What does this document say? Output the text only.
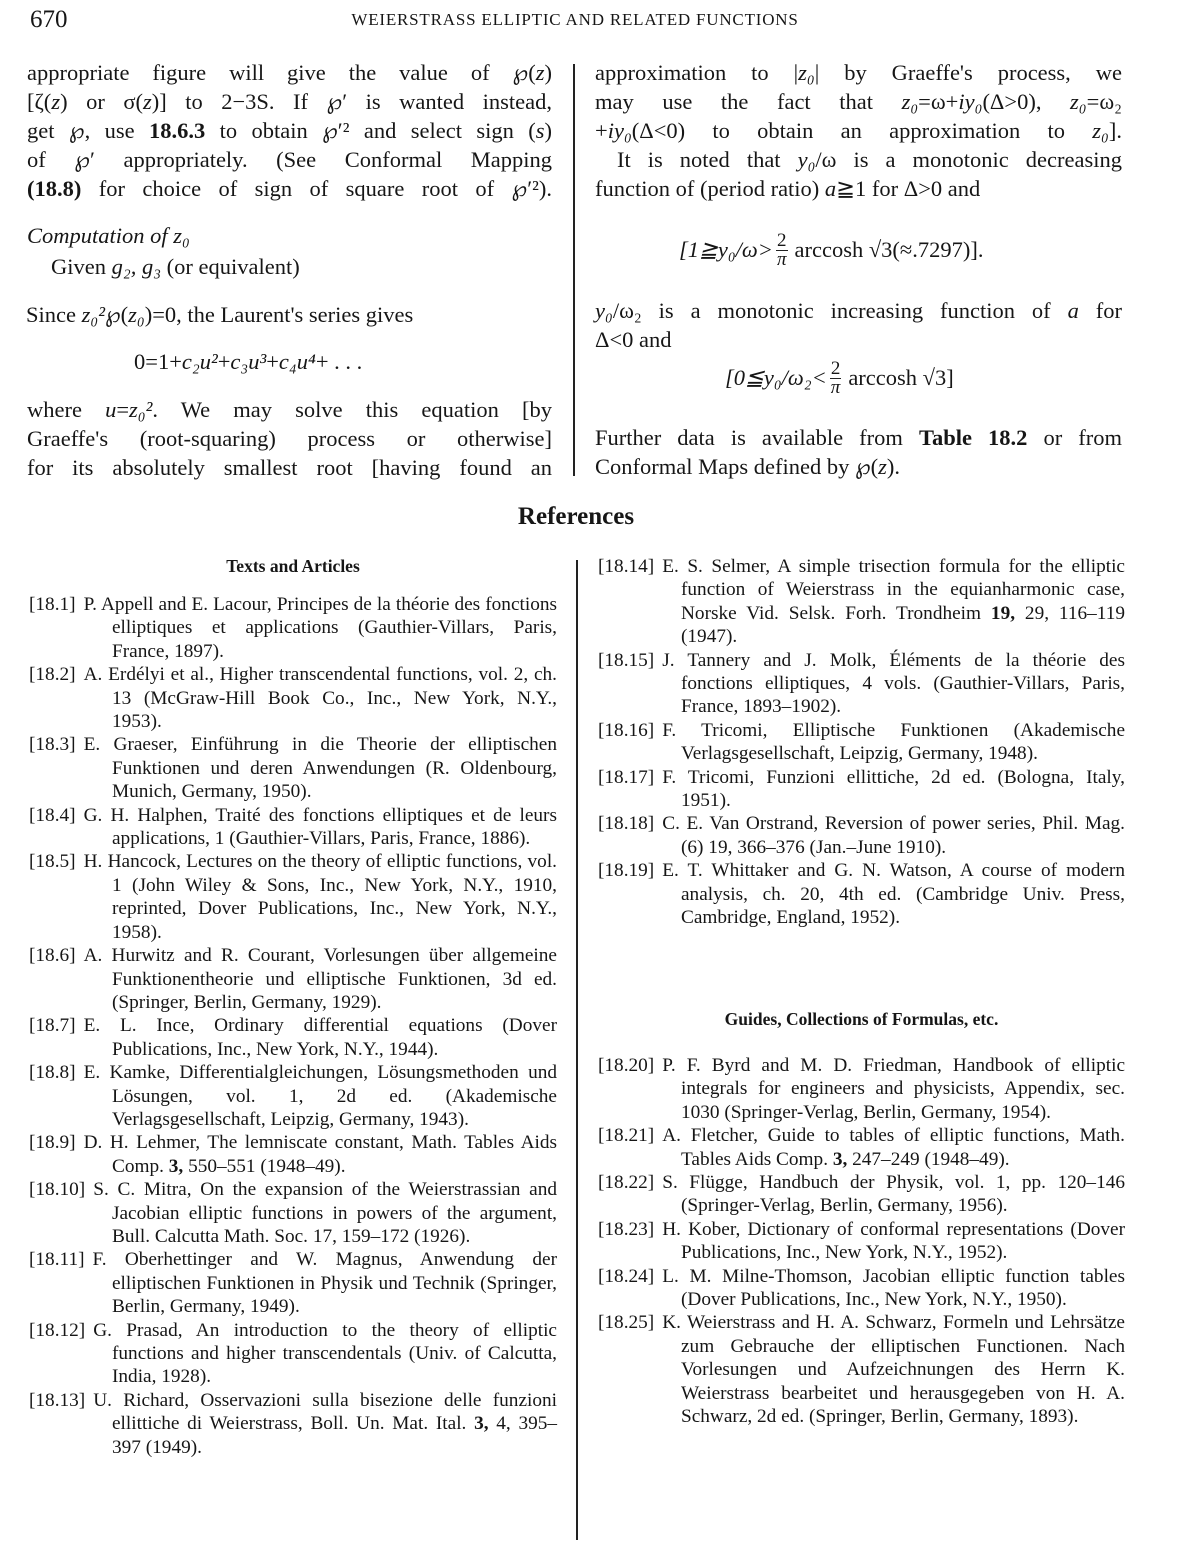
670	WEIERSTRASS ELLIPTIC AND RELATED FUNCTIONS
appropriate figure will give the value of ℘(z)
[ζ(z) or σ(z)] to 2−3S. If ℘′ is wanted instead,
get ℘, use 18.6.3 to obtain ℘′² and select sign (s)
of ℘′ appropriately. (See Conformal Mapping
(18.8) for choice of sign of square root of ℘′²).
Computation of z₀
Given g₂, g₃ (or equivalent)
Since z₀²℘(z₀)=0, the Laurent's series gives
0=1+c₂u²+c₃u³+c₄u⁴+ . . .
where u=z₀². We may solve this equation [by
Graeffe's (root-squaring) process or otherwise]
for its absolutely smallest root [having found an
approximation to |z₀| by Graeffe's process, we
may use the fact that z₀=ω+iy₀(Δ>0), z₀=ω₂
+iy₀(Δ<0) to obtain an approximation to z₀].
It is noted that y₀/ω is a monotonic decreasing
function of (period ratio) a≧1 for Δ>0 and
[1≧y₀/ω> $\frac{2}{\pi}$ arccosh √3(≈.7297)].
y₀/ω₂ is a monotonic increasing function of a for
Δ<0 and
[0≦y₀/ω₂< $\frac{2}{\pi}$ arccosh √3]
Further data is available from Table 18.2 or from
Conformal Maps defined by ℘(z).
References
Texts and Articles
[18.1] P. Appell and E. Lacour, Principes de la théorie des fonctions elliptiques et applications (Gauthier-Villars, Paris, France, 1897).
[18.2] A. Erdélyi et al., Higher transcendental functions, vol. 2, ch. 13 (McGraw-Hill Book Co., Inc., New York, N.Y., 1953).
[18.3] E. Graeser, Einführung in die Theorie der elliptischen Funktionen und deren Anwendungen (R. Oldenbourg, Munich, Germany, 1950).
[18.4] G. H. Halphen, Traité des fonctions elliptiques et de leurs applications, 1 (Gauthier-Villars, Paris, France, 1886).
[18.5] H. Hancock, Lectures on the theory of elliptic functions, vol. 1 (John Wiley & Sons, Inc., New York, N.Y., 1910, reprinted, Dover Publications, Inc., New York, N.Y., 1958).
[18.6] A. Hurwitz and R. Courant, Vorlesungen über allgemeine Funktionentheorie und elliptische Funktionen, 3d ed. (Springer, Berlin, Germany, 1929).
[18.7] E. L. Ince, Ordinary differential equations (Dover Publications, Inc., New York, N.Y., 1944).
[18.8] E. Kamke, Differentialgleichungen, Lösungsmethoden und Lösungen, vol. 1, 2d ed. (Akademische Verlagsgesellschaft, Leipzig, Germany, 1943).
[18.9] D. H. Lehmer, The lemniscate constant, Math. Tables Aids Comp. 3, 550–551 (1948–49).
[18.10] S. C. Mitra, On the expansion of the Weierstrassian and Jacobian elliptic functions in powers of the argument, Bull. Calcutta Math. Soc. 17, 159–172 (1926).
[18.11] F. Oberhettinger and W. Magnus, Anwendung der elliptischen Funktionen in Physik und Technik (Springer, Berlin, Germany, 1949).
[18.12] G. Prasad, An introduction to the theory of elliptic functions and higher transcendentals (Univ. of Calcutta, India, 1928).
[18.13] U. Richard, Osservazioni sulla bisezione delle funzioni ellittiche di Weierstrass, Boll. Un. Mat. Ital. 3, 4, 395–397 (1949).
[18.14] E. S. Selmer, A simple trisection formula for the elliptic function of Weierstrass in the equianharmonic case, Norske Vid. Selsk. Forh. Trondheim 19, 29, 116–119 (1947).
[18.15] J. Tannery and J. Molk, Éléments de la théorie des fonctions elliptiques, 4 vols. (Gauthier-Villars, Paris, France, 1893–1902).
[18.16] F. Tricomi, Elliptische Funktionen (Akademische Verlagsgesellschaft, Leipzig, Germany, 1948).
[18.17] F. Tricomi, Funzioni ellittiche, 2d ed. (Bologna, Italy, 1951).
[18.18] C. E. Van Orstrand, Reversion of power series, Phil. Mag. (6) 19, 366–376 (Jan.–June 1910).
[18.19] E. T. Whittaker and G. N. Watson, A course of modern analysis, ch. 20, 4th ed. (Cambridge Univ. Press, Cambridge, England, 1952).
Guides, Collections of Formulas, etc.
[18.20] P. F. Byrd and M. D. Friedman, Handbook of elliptic integrals for engineers and physicists, Appendix, sec. 1030 (Springer-Verlag, Berlin, Germany, 1954).
[18.21] A. Fletcher, Guide to tables of elliptic functions, Math. Tables Aids Comp. 3, 247–249 (1948–49).
[18.22] S. Flügge, Handbuch der Physik, vol. 1, pp. 120–146 (Springer-Verlag, Berlin, Germany, 1956).
[18.23] H. Kober, Dictionary of conformal representations (Dover Publications, Inc., New York, N.Y., 1952).
[18.24] L. M. Milne-Thomson, Jacobian elliptic function tables (Dover Publications, Inc., New York, N.Y., 1950).
[18.25] K. Weierstrass and H. A. Schwarz, Formeln und Lehrsätze zum Gebrauche der elliptischen Functionen. Nach Vorlesungen und Aufzeichnungen des Herrn K. Weierstrass bearbeitet und herausgegeben von H. A. Schwarz, 2d ed. (Springer, Berlin, Germany, 1893).
